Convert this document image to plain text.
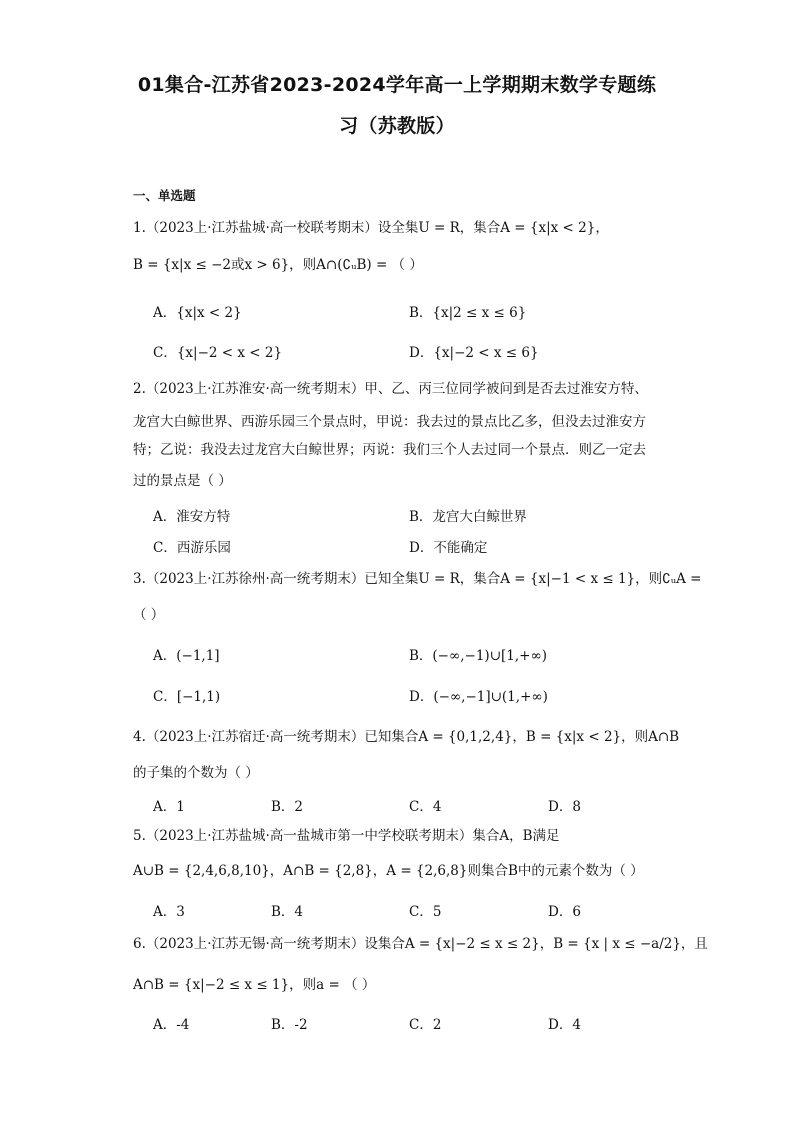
01集合-江苏省2023-2024学年高一上学期期末数学专题练
习（苏教版）
一、单选题
1.（2023上·江苏盐城·高一校联考期末）设全集U = R，集合A = {x|x < 2}，
B = {x|x ≤ −2或x > 6}，则A∩(∁ᵤB) = （ ）
A．{x|x < 2}	B．{x|2 ≤ x ≤ 6}
C．{x|−2 < x < 2}	D．{x|−2 < x ≤ 6}
2.（2023上·江苏淮安·高一统考期末）甲、乙、丙三位同学被问到是否去过淮安方特、
龙宫大白鲸世界、西游乐园三个景点时，甲说：我去过的景点比乙多，但没去过淮安方
特；乙说：我没去过龙宫大白鲸世界；丙说：我们三个人去过同一个景点．则乙一定去
过的景点是（ ）
A．淮安方特	B．龙宫大白鲸世界
C．西游乐园	D．不能确定
3.（2023上·江苏徐州·高一统考期末）已知全集U = R，集合A = {x|−1 < x ≤ 1}，则∁ᵤA =
（ ）
A．(−1,1]	B．(−∞,−1)∪[1,+∞)
C．[−1,1)	D．(−∞,−1]∪(1,+∞)
4.（2023上·江苏宿迁·高一统考期末）已知集合A = {0,1,2,4}，B = {x|x < 2}，则A∩B
的子集的个数为（ ）
A．1	B．2	C．4	D．8
5.（2023上·江苏盐城·高一盐城市第一中学校联考期末）集合A，B满足
A∪B = {2,4,6,8,10}，A∩B = {2,8}，A = {2,6,8}则集合B中的元素个数为（ ）
A．3	B．4	C．5	D．6
6.（2023上·江苏无锡·高一统考期末）设集合A = {x|−2 ≤ x ≤ 2}，B = {x | x ≤ −a/2}，且
A∩B = {x|−2 ≤ x ≤ 1}，则a = （ ）
A．-4	B．-2	C．2	D．4
